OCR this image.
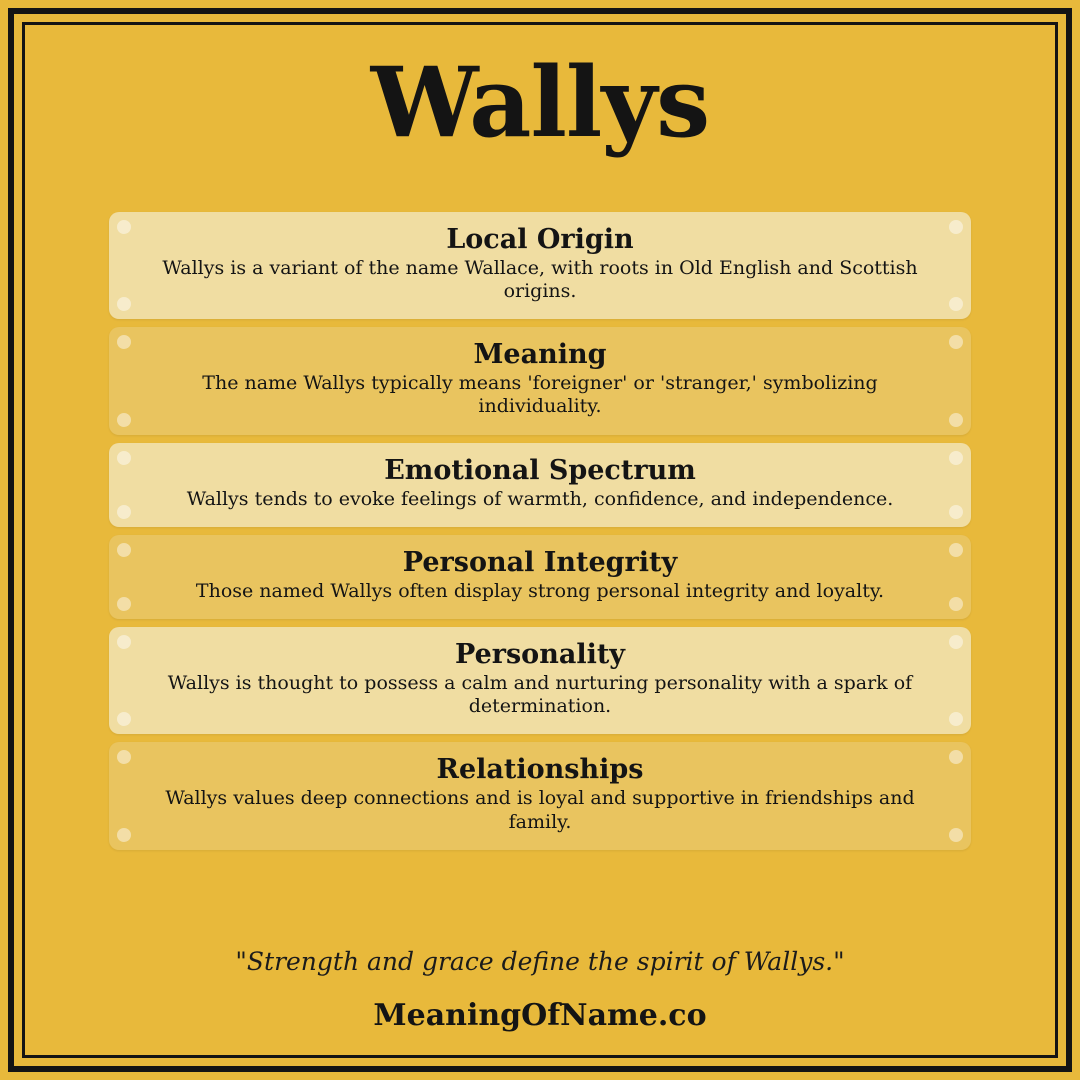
Wallys
Local Origin

Wallys is a variant of the name Wallace, with roots in Old English and Scottish origins.

Meaning

The name Wallys typically means 'foreigner' or 'stranger,' symbolizing individuality.

Emotional Spectrum

Wallys tends to evoke feelings of warmth, confidence, and independence.

Personal Integrity

Those named Wallys often display strong personal integrity and loyalty.

Personality

Wallys is thought to possess a calm and nurturing personality with a spark of determination.

Relationships

Wallys values deep connections and is loyal and supportive in friendships and family.

"Strength and grace define the spirit of Wallys."
MeaningOfName.co
